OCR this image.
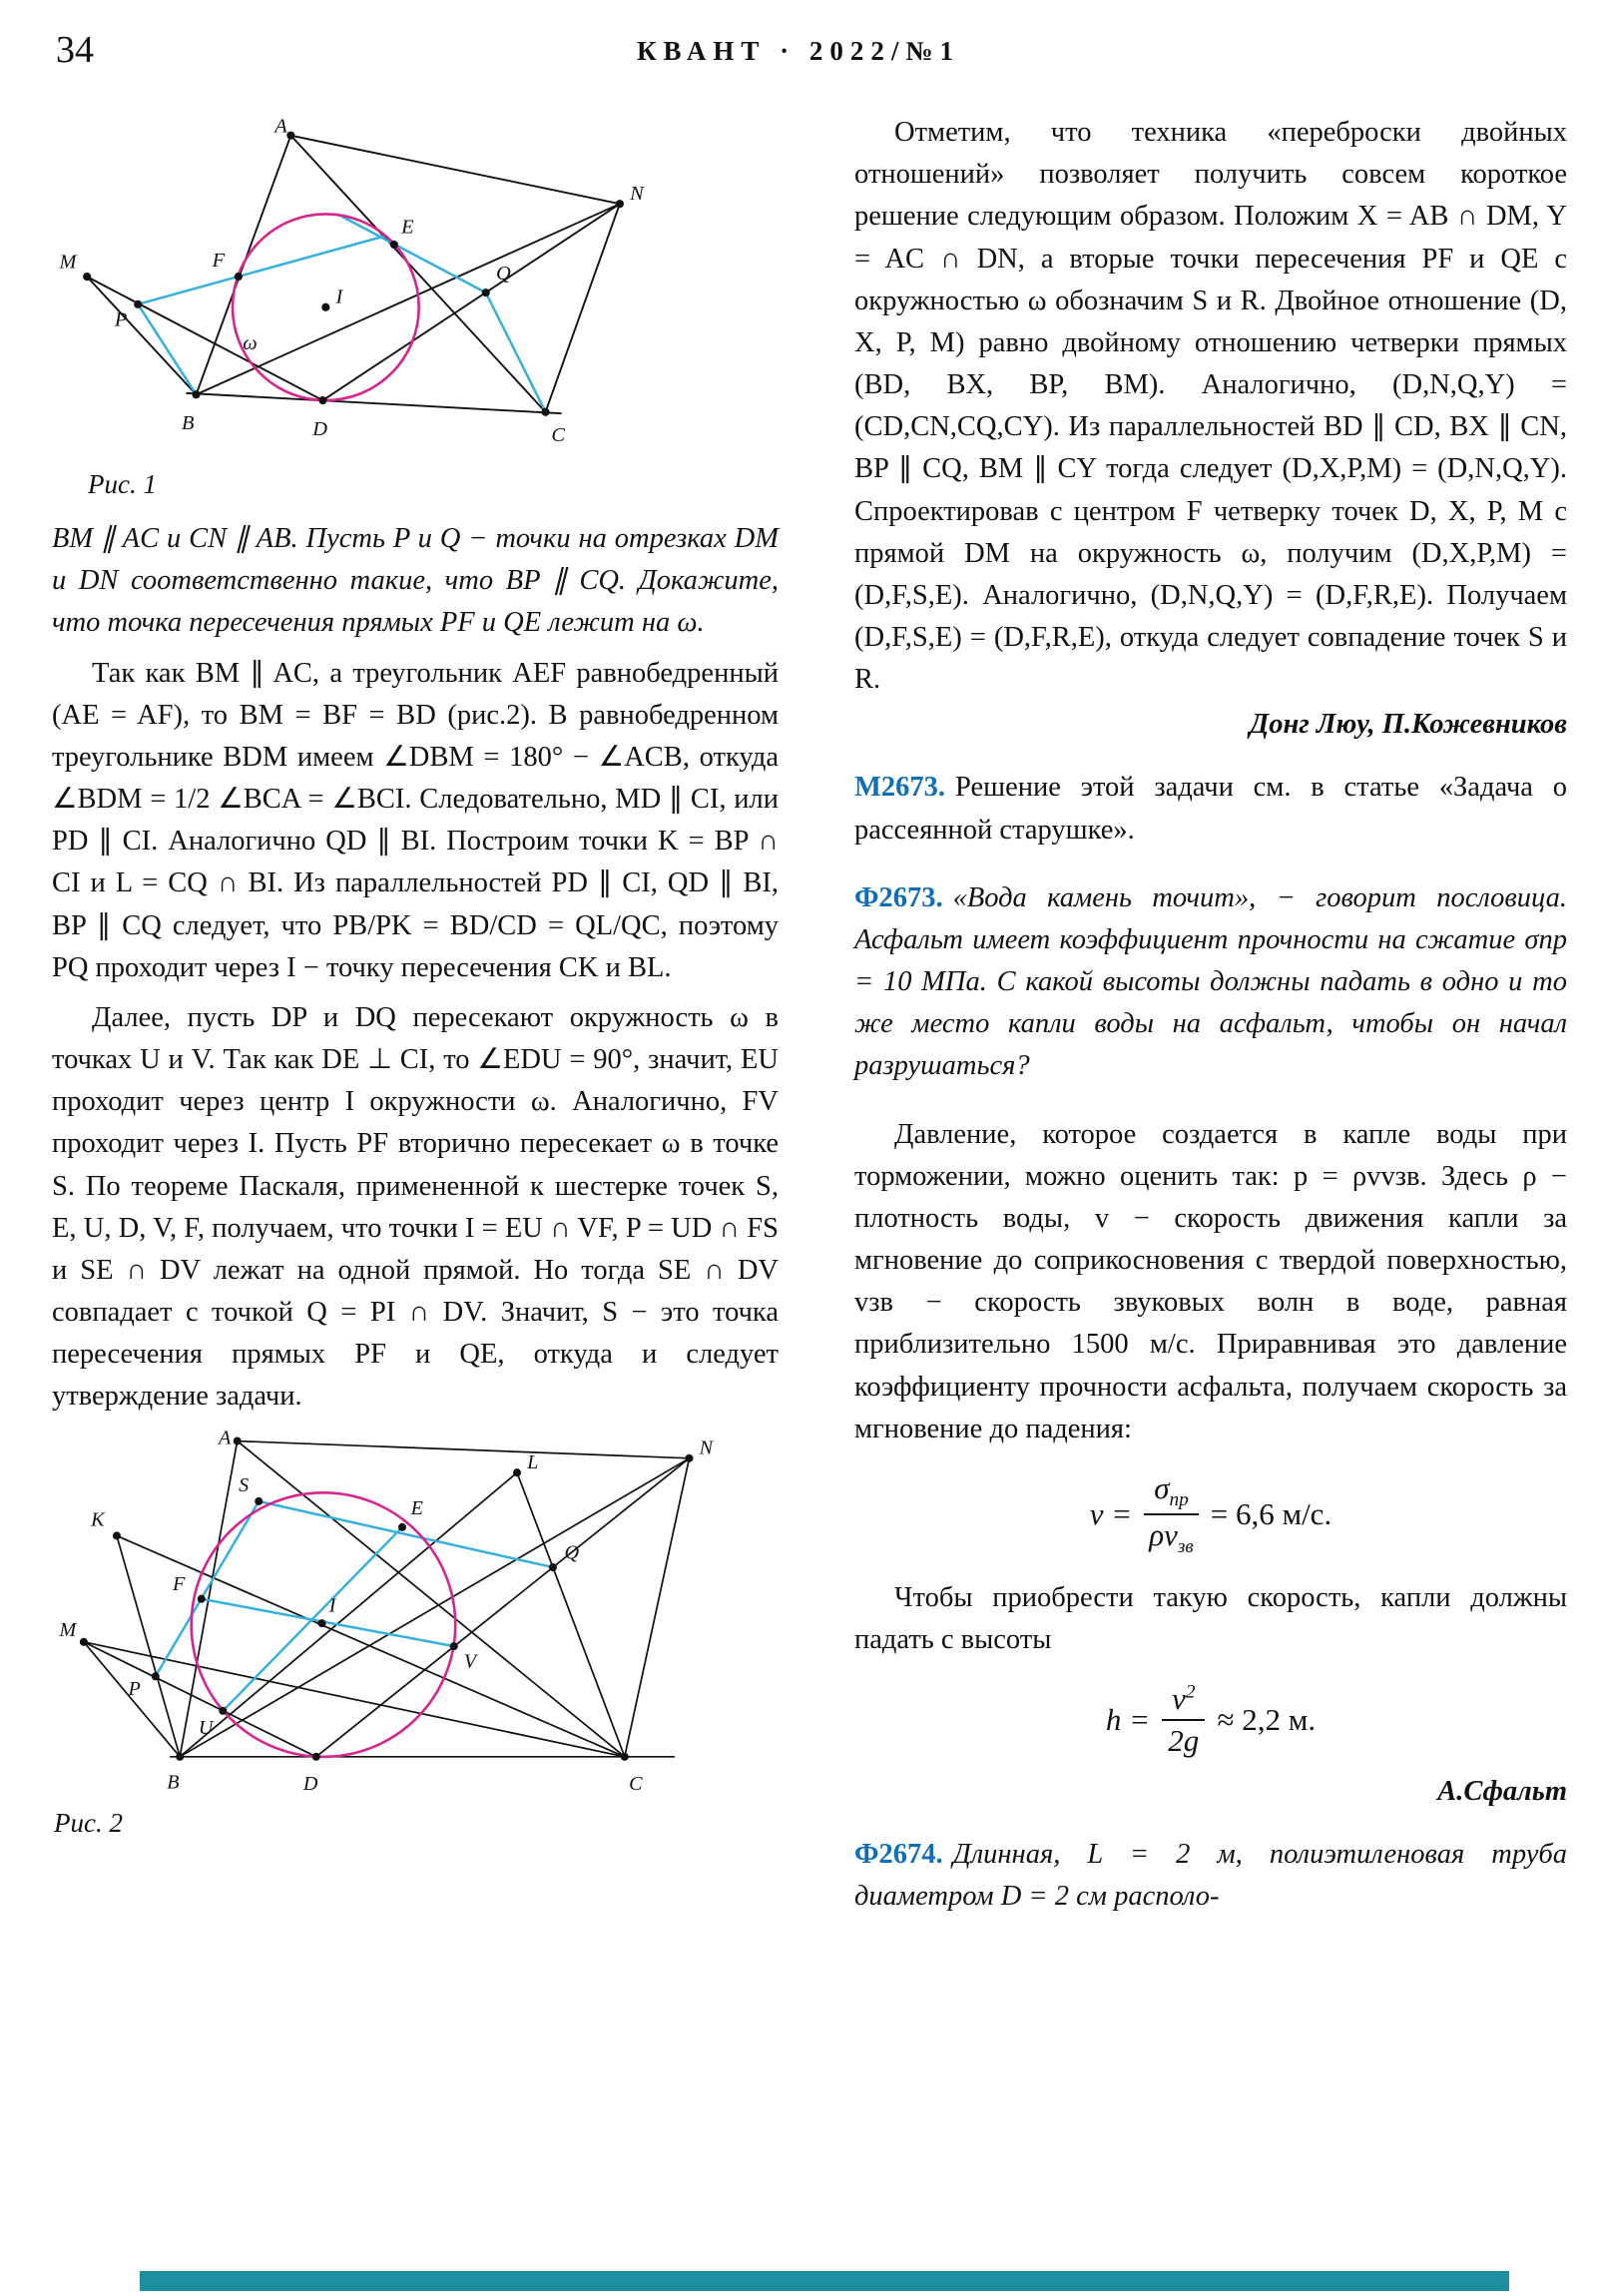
34	КВАНТ · 2022/№1
A
N
E
F
Q
M
P
I
ω
B	D	C

Рис. 1

BM ∥ AC и CN ∥ AB. Пусть P и Q − точки на отрезках DM и DN соответственно такие, что BP ∥ CQ. Докажите, что точка пересечения прямых PF и QE лежит на ω.

Так как BM ∥ AC, а треугольник AEF равнобедренный (AE = AF), то BM = BF = BD (рис.2). В равнобедренном треугольнике BDM имеем ∠DBM = 180° − ∠ACB, откуда ∠BDM = 1/2 ∠BCA = ∠BCI. Следовательно, MD ∥ CI, или PD ∥ CI. Аналогично QD ∥ BI. Построим точки K = BP ∩ CI и L = CQ ∩ BI. Из параллельностей PD ∥ CI, QD ∥ BI, BP ∥ CQ следует, что PB/PK = BD/CD = QL/QC, поэтому PQ проходит через I − точку пересечения CK и BL.

Далее, пусть DP и DQ пересекают окружность ω в точках U и V. Так как DE ⊥ CI, то ∠EDU = 90°, значит, EU проходит через центр I окружности ω. Аналогично, FV проходит через I. Пусть PF вторично пересекает ω в точке S. По теореме Паскаля, примененной к шестерке точек S, E, U, D, V, F, получаем, что точки I = EU ∩ VF, P = UD ∩ FS и SE ∩ DV лежат на одной прямой. Но тогда SE ∩ DV совпадает с точкой Q = PI ∩ DV. Значит, S − это точка пересечения прямых PF и QE, откуда и следует утверждение задачи.

A
L
N
K
S
E
Q
F
I
M
P
V
U
B	D	C

Рис. 2

Отметим, что техника «переброски двойных отношений» позволяет получить совсем короткое решение следующим образом. Положим X = AB ∩ DM, Y = AC ∩ DN, а вторые точки пересечения PF и QE с окружностью ω обозначим S и R. Двойное отношение (D, X, P, M) равно двойному отношению четверки прямых (BD, BX, BP, BM). Аналогично, (D,N,Q,Y) = (CD,CN,CQ,CY). Из параллельностей BD ∥ CD, BX ∥ CN, BP ∥ CQ, BM ∥ CY тогда следует (D,X,P,M) = (D,N,Q,Y). Спроектировав с центром F четверку точек D, X, P, M с прямой DM на окружность ω, получим (D,X,P,M) = (D,F,S,E). Аналогично, (D,N,Q,Y) = (D,F,R,E). Получаем (D,F,S,E) = (D,F,R,E), откуда следует совпадение точек S и R.

Донг Люу, П.Кожевников

М2673. Решение этой задачи см. в статье «Задача о рассеянной старушке».

Ф2673. «Вода камень точит», − говорит пословица. Асфальт имеет коэффициент прочности на сжатие σпр = 10 МПа. С какой высоты должны падать в одно и то же место капли воды на асфальт, чтобы он начал разрушаться?

Давление, которое создается в капле воды при торможении, можно оценить так: p = ρvvзв. Здесь ρ − плотность воды, v − скорость движения капли за мгновение до соприкосновения с твердой поверхностью, vзв − скорость звуковых волн в воде, равная приблизительно 1500 м/с. Приравнивая это давление коэффициенту прочности асфальта, получаем скорость за мгновение до падения:

$v = \frac{\sigma_{пр}}{\rho v_{зв}} = 6,6$ м/с.

Чтобы приобрести такую скорость, капли должны падать с высоты

$h = \frac{v^2}{2g} \approx 2,2$ м.

А.Сфальт

Ф2674. Длинная, L = 2 м, полиэтиленовая труба диаметром D = 2 см располо-
